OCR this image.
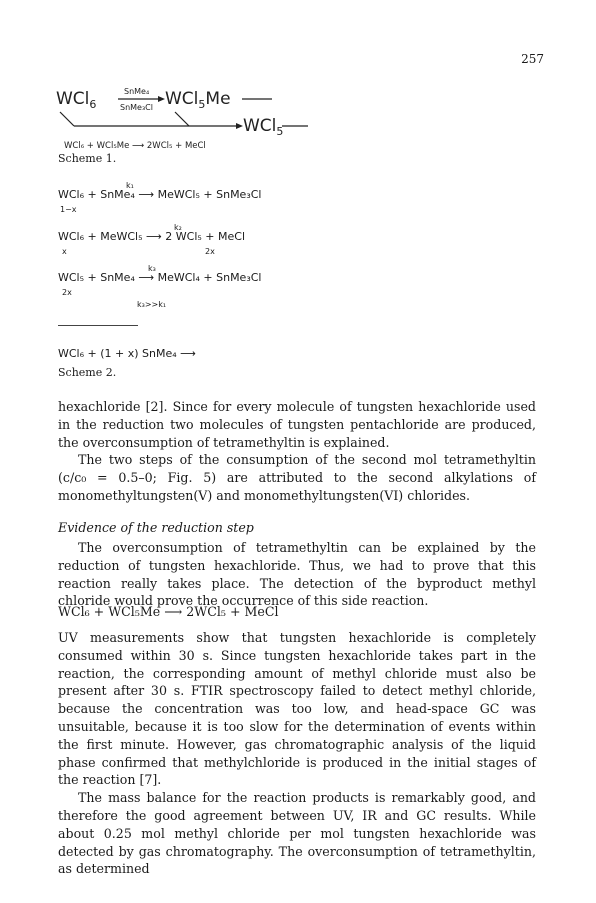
257
WCl$_6$
SnMe₄
SnMe₃Cl WCl$_5$Me
WCl$_5$
WCl₆ + WCl₅Me ⟶ 2WCl₅ + MeCl
Scheme 1.
WCl₆ + SnMe₄ ⟶ MeWCl₅ + SnMe₃Cl
k₁
1−x
WCl₆ + MeWCl₅ ⟶ 2 WCl₅ + MeCl
k₂
x	2x
WCl₅ + SnMe₄ ⟶ MeWCl₄ + SnMe₃Cl
k₃
2x
k₃>>k₁
WCl₆ + (1 + x) SnMe₄ ⟶
Scheme 2.

hexachloride [2]. Since for every molecule of tungsten hexachloride used in the reduction two molecules of tungsten pentachloride are produced, the overconsumption of tetramethyltin is explained.

The two steps of the consumption of the second mol tetramethyltin (c/c₀ = 0.5–0; Fig. 5) are attributed to the second alkylations of monomethyltungsten(V) and monomethyltungsten(VI) chlorides.

Evidence of the reduction step

The overconsumption of tetramethyltin can be explained by the reduction of tungsten hexachloride. Thus, we had to prove that this reaction really takes place. The detection of the byproduct methyl chloride would prove the occurrence of this side reaction.

WCl₆ + WCl₅Me ⟶ 2WCl₅ + MeCl

UV measurements show that tungsten hexachloride is completely consumed within 30 s. Since tungsten hexachloride takes part in the reaction, the corresponding amount of methyl chloride must also be present after 30 s. FTIR spectroscopy failed to detect methyl chloride, because the concentration was too low, and head-space GC was unsuitable, because it is too slow for the determination of events within the first minute. However, gas chromatographic analysis of the liquid phase confirmed that methylchloride is produced in the initial stages of the reaction [7].

The mass balance for the reaction products is remarkably good, and therefore the good agreement between UV, IR and GC results. While about 0.25 mol methyl chloride per mol tungsten hexachloride was detected by gas chromatography. The overconsumption of tetramethyltin, as determined
